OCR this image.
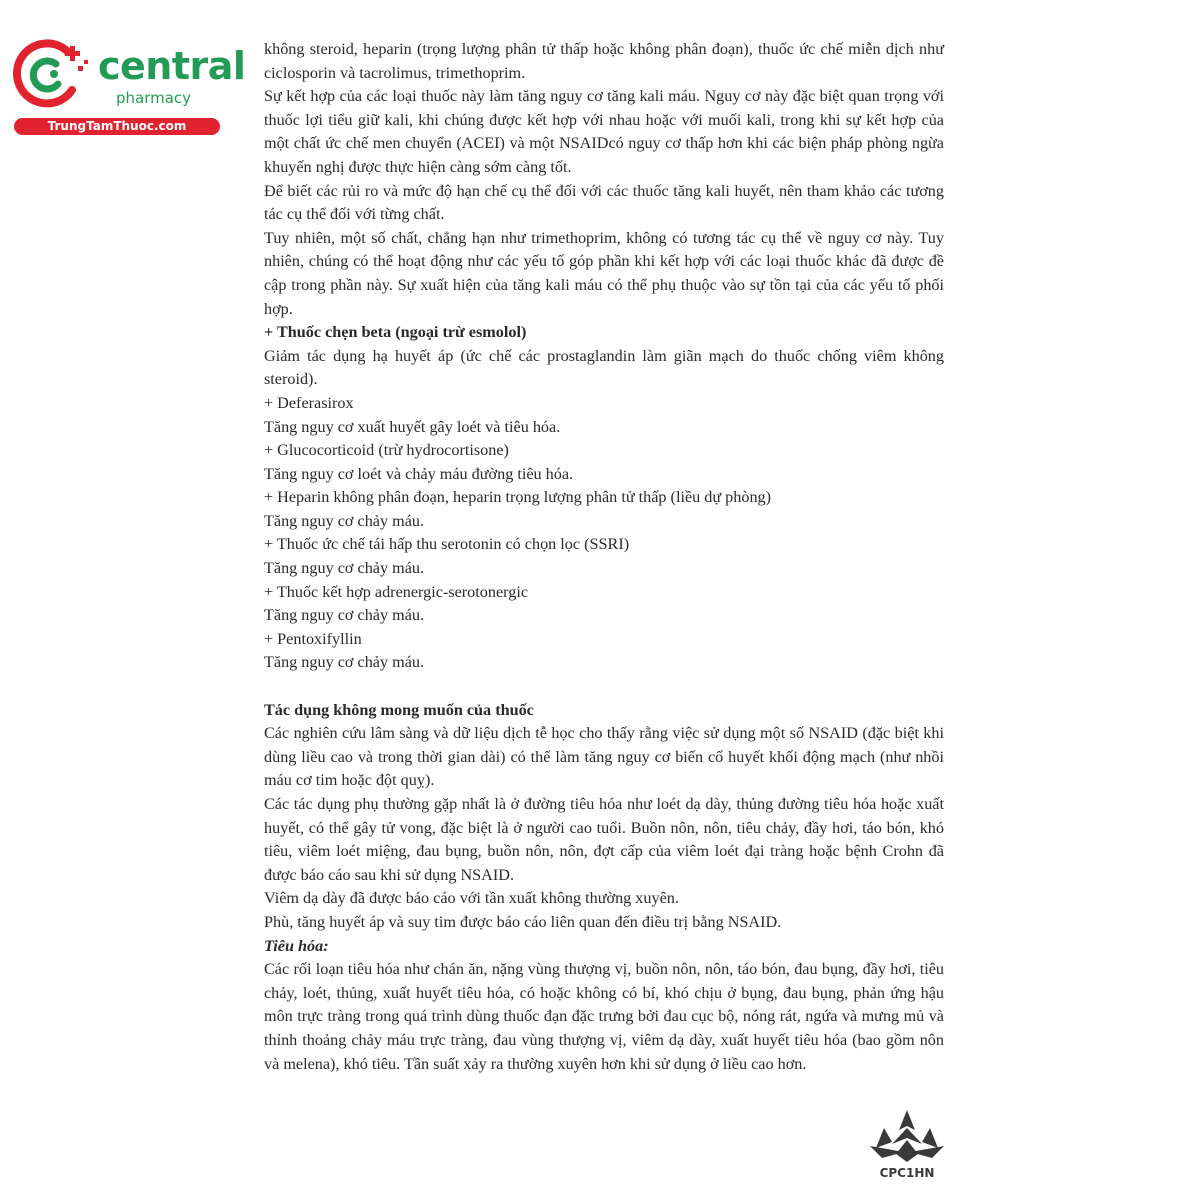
central
pharmacy
TrungTamThuoc.com

không steroid, heparin (trọng lượng phân tử thấp hoặc không phân đoạn), thuốc ức chế miễn dịch như ciclosporin và tacrolimus, trimethoprim.

Sự kết hợp của các loại thuốc này làm tăng nguy cơ tăng kali máu. Nguy cơ này đặc biệt quan trọng với thuốc lợi tiểu giữ kali, khi chúng được kết hợp với nhau hoặc với muối kali, trong khi sự kết hợp của một chất ức chế men chuyển (ACEI) và một NSAIDcó nguy cơ thấp hơn khi các biện pháp phòng ngừa khuyến nghị được thực hiện càng sớm càng tốt.

Để biết các rủi ro và mức độ hạn chế cụ thể đối với các thuốc tăng kali huyết, nên tham khảo các tương tác cụ thể đối với từng chất.

Tuy nhiên, một số chất, chẳng hạn như trimethoprim, không có tương tác cụ thể về nguy cơ này. Tuy nhiên, chúng có thể hoạt động như các yếu tố góp phần khi kết hợp với các loại thuốc khác đã được đề cập trong phần này. Sự xuất hiện của tăng kali máu có thể phụ thuộc vào sự tồn tại của các yếu tố phối hợp.

+ Thuốc chẹn beta (ngoại trừ esmolol)

Giảm tác dụng hạ huyết áp (ức chế các prostaglandin làm giãn mạch do thuốc chống viêm không steroid).

+ Deferasirox

Tăng nguy cơ xuất huyết gây loét và tiêu hóa.

+ Glucocorticoid (trừ hydrocortisone)

Tăng nguy cơ loét và chảy máu đường tiêu hóa.

+ Heparin không phân đoạn, heparin trọng lượng phân tử thấp (liều dự phòng)

Tăng nguy cơ chảy máu.

+ Thuốc ức chế tái hấp thu serotonin có chọn lọc (SSRI)

Tăng nguy cơ chảy máu.

+ Thuốc kết hợp adrenergic-serotonergic

Tăng nguy cơ chảy máu.

+ Pentoxifyllin

Tăng nguy cơ chảy máu.

Tác dụng không mong muốn của thuốc

Các nghiên cứu lâm sàng và dữ liệu dịch tễ học cho thấy rằng việc sử dụng một số NSAID (đặc biệt khi dùng liều cao và trong thời gian dài) có thể làm tăng nguy cơ biến cố huyết khối động mạch (như nhồi máu cơ tim hoặc đột quỵ).

Các tác dụng phụ thường gặp nhất là ở đường tiêu hóa như loét dạ dày, thủng đường tiêu hóa hoặc xuất huyết, có thể gây tử vong, đặc biệt là ở người cao tuổi. Buồn nôn, nôn, tiêu chảy, đầy hơi, táo bón, khó tiêu, viêm loét miệng, đau bụng, buồn nôn, nôn, đợt cấp của viêm loét đại tràng hoặc bệnh Crohn đã được báo cáo sau khi sử dụng NSAID.

Viêm dạ dày đã được báo cáo với tần xuất không thường xuyên.

Phù, tăng huyết áp và suy tim được báo cáo liên quan đến điều trị bằng NSAID.

Tiêu hóa:

Các rối loạn tiêu hóa như chán ăn, nặng vùng thượng vị, buồn nôn, nôn, táo bón, đau bụng, đầy hơi, tiêu chảy, loét, thủng, xuất huyết tiêu hóa, có hoặc không có bí, khó chịu ở bụng, đau bụng, phản ứng hậu môn trực tràng trong quá trình dùng thuốc đạn đặc trưng bởi đau cục bộ, nóng rát, ngứa và mưng mủ và thỉnh thoảng chảy máu trực tràng, đau vùng thượng vị, viêm dạ dày, xuất huyết tiêu hóa (bao gồm nôn và melena), khó tiêu. Tần suất xảy ra thường xuyên hơn khi sử dụng ở liều cao hơn.

CPC1HN
